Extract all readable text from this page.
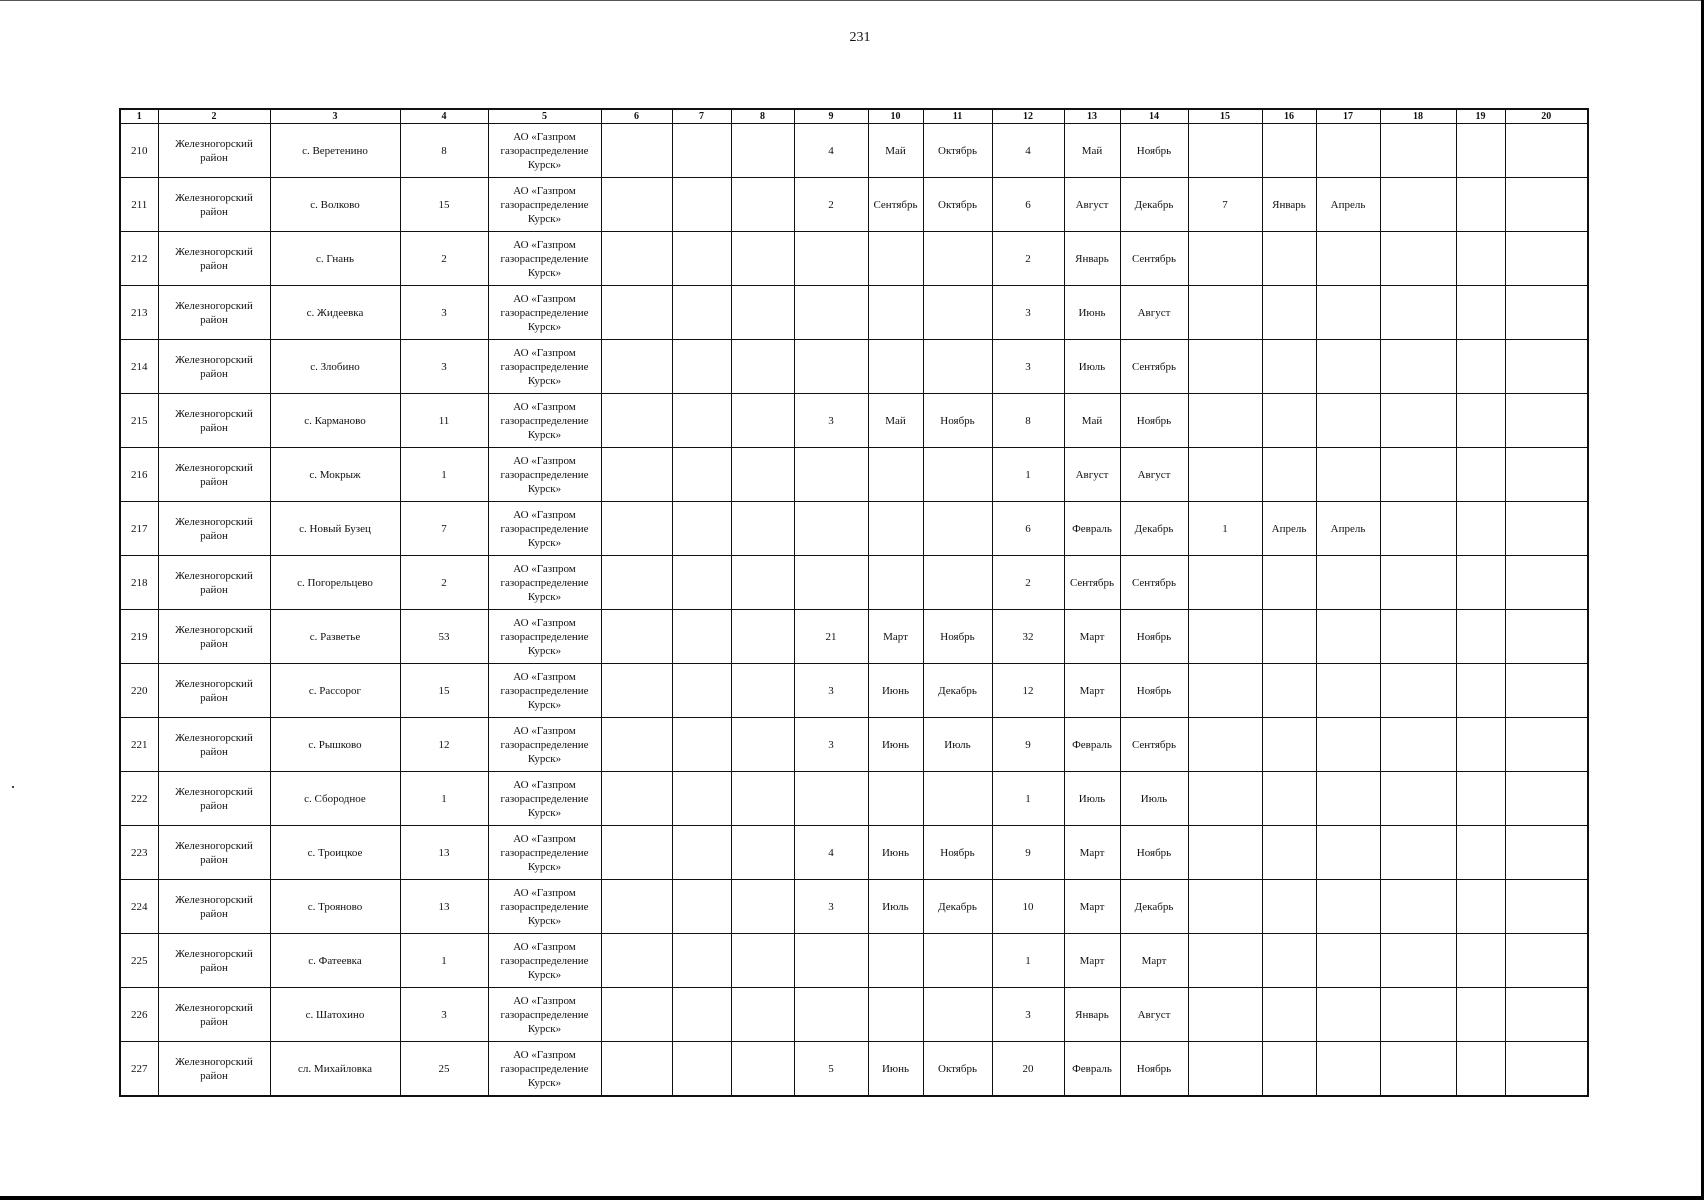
231
1	2	3	4	5	6	7	8	9	10	11	12	13	14	15	16	17	18	19	20
210	Железногорский район	с. Веретенино	8	АО «Газпром газораспределение Курск»				4	Май	Октябрь	4	Май	Ноябрь						
211	Железногорский район	с. Волково	15	АО «Газпром газораспределение Курск»				2	Сентябрь	Октябрь	6	Август	Декабрь	7	Январь	Апрель			
212	Железногорский район	с. Гнань	2	АО «Газпром газораспределение Курск»							2	Январь	Сентябрь						
213	Железногорский район	с. Жидеевка	3	АО «Газпром газораспределение Курск»							3	Июнь	Август						
214	Железногорский район	с. Злобино	3	АО «Газпром газораспределение Курск»							3	Июль	Сентябрь						
215	Железногорский район	с. Карманово	11	АО «Газпром газораспределение Курск»				3	Май	Ноябрь	8	Май	Ноябрь						
216	Железногорский район	с. Мокрыж	1	АО «Газпром газораспределение Курск»							1	Август	Август						
217	Железногорский район	с. Новый Бузец	7	АО «Газпром газораспределение Курск»							6	Февраль	Декабрь	1	Апрель	Апрель			
218	Железногорский район	с. Погорельцево	2	АО «Газпром газораспределение Курск»							2	Сентябрь	Сентябрь						
219	Железногорский район	с. Разветье	53	АО «Газпром газораспределение Курск»				21	Март	Ноябрь	32	Март	Ноябрь						
220	Железногорский район	с. Рассорог	15	АО «Газпром газораспределение Курск»				3	Июнь	Декабрь	12	Март	Ноябрь						
221	Железногорский район	с. Рышково	12	АО «Газпром газораспределение Курск»				3	Июнь	Июль	9	Февраль	Сентябрь						
222	Железногорский район	с. Сбородное	1	АО «Газпром газораспределение Курск»							1	Июль	Июль						
223	Железногорский район	с. Троицкое	13	АО «Газпром газораспределение Курск»				4	Июнь	Ноябрь	9	Март	Ноябрь						
224	Железногорский район	с. Трояново	13	АО «Газпром газораспределение Курск»				3	Июль	Декабрь	10	Март	Декабрь						
225	Железногорский район	с. Фатеевка	1	АО «Газпром газораспределение Курск»							1	Март	Март						
226	Железногорский район	с. Шатохино	3	АО «Газпром газораспределение Курск»							3	Январь	Август						
227	Железногорский район	сл. Михайловка	25	АО «Газпром газораспределение Курск»				5	Июнь	Октябрь	20	Февраль	Ноябрь						
